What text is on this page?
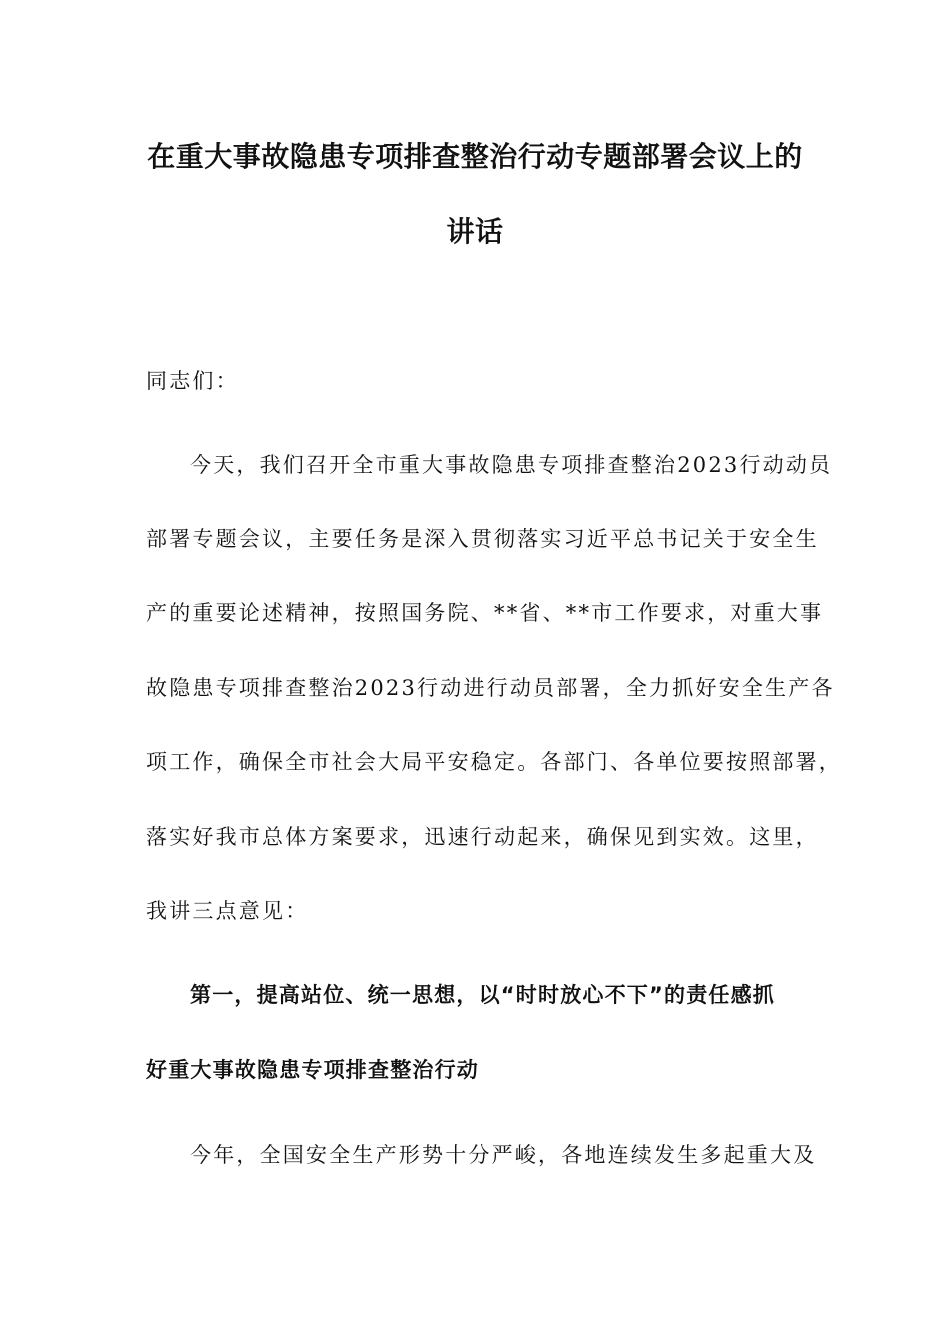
在重大事故隐患专项排查整治行动专题部署会议上的
讲话
同志们：
今天，我们召开全市重大事故隐患专项排查整治2023行动动员
部署专题会议，主要任务是深入贯彻落实习近平总书记关于安全生
产的重要论述精神，按照国务院、**省、**市工作要求，对重大事
故隐患专项排查整治2023行动进行动员部署，全力抓好安全生产各
项工作，确保全市社会大局平安稳定。各部门、各单位要按照部署，
落实好我市总体方案要求，迅速行动起来，确保见到实效。这里，
我讲三点意见：
第一，提高站位、统一思想，以“时时放心不下”的责任感抓
好重大事故隐患专项排查整治行动
今年，全国安全生产形势十分严峻，各地连续发生多起重大及
